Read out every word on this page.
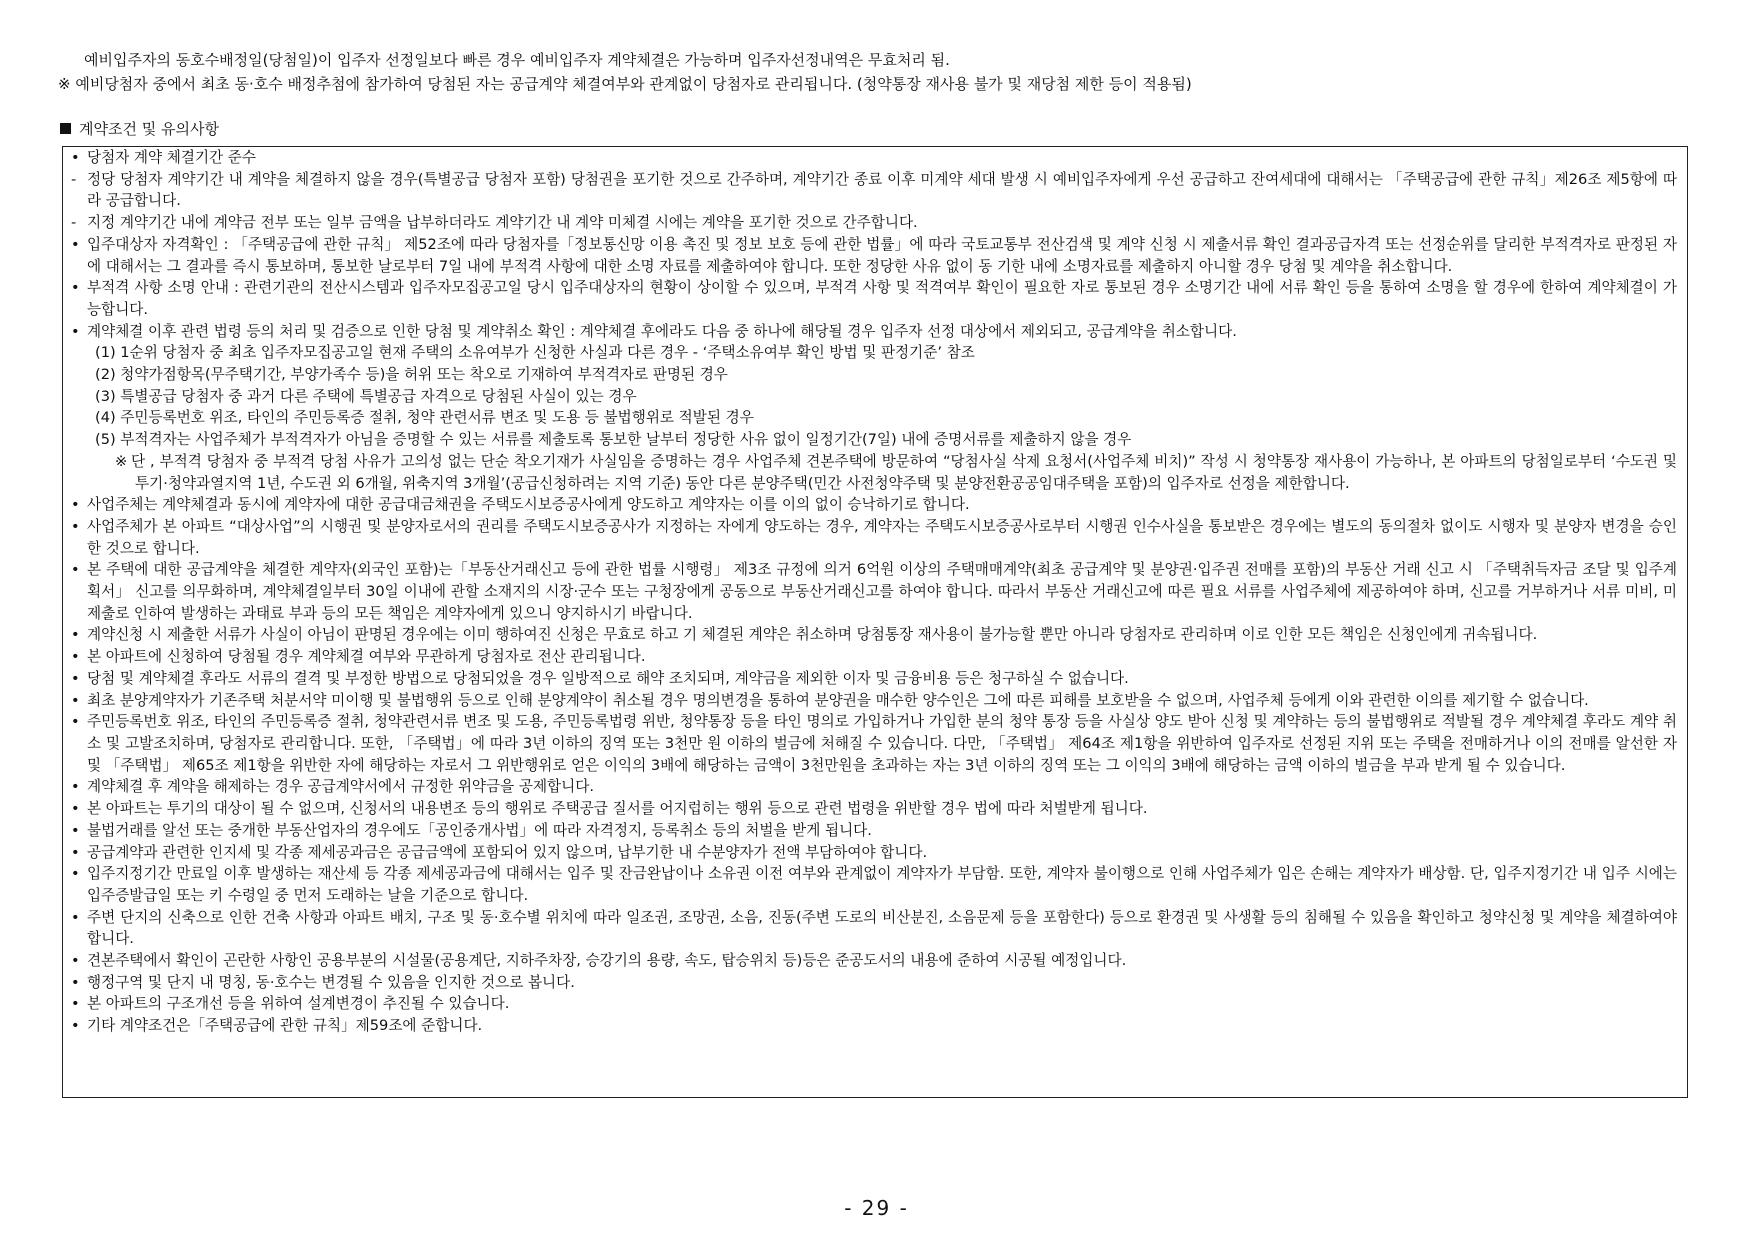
예비입주자의 동호수배정일(당첨일)이 입주자 선정일보다 빠른 경우 예비입주자 계약체결은 가능하며 입주자선정내역은 무효처리 됨.

※ 예비당첨자 중에서 최초 동·호수 배정추첨에 참가하여 당첨된 자는 공급계약 체결여부와 관계없이 당첨자로 관리됩니다. (청약통장 재사용 불가 및 재당첨 제한 등이 적용됨)

계약조건 및 유의사항

• 당첨자 계약 체결기간 준수

- 정당 당첨자 계약기간 내 계약을 체결하지 않을 경우(특별공급 당첨자 포함) 당첨권을 포기한 것으로 간주하며, 계약기간 종료 이후 미계약 세대 발생 시 예비입주자에게 우선 공급하고 잔여세대에 대해서는 「주택공급에 관한 규칙」제26조 제5항에 따라 공급합니다.

- 지정 계약기간 내에 계약금 전부 또는 일부 금액을 납부하더라도 계약기간 내 계약 미체결 시에는 계약을 포기한 것으로 간주합니다.

• 입주대상자 자격확인 : 「주택공급에 관한 규칙」 제52조에 따라 당첨자를「정보통신망 이용 촉진 및 정보 보호 등에 관한 법률」에 따라 국토교통부 전산검색 및 계약 신청 시 제출서류 확인 결과공급자격 또는 선정순위를 달리한 부적격자로 판정된 자에 대해서는 그 결과를 즉시 통보하며, 통보한 날로부터 7일 내에 부적격 사항에 대한 소명 자료를 제출하여야 합니다. 또한 정당한 사유 없이 동 기한 내에 소명자료를 제출하지 아니할 경우 당첨 및 계약을 취소합니다.

• 부적격 사항 소명 안내 : 관련기관의 전산시스템과 입주자모집공고일 당시 입주대상자의 현황이 상이할 수 있으며, 부적격 사항 및 적격여부 확인이 필요한 자로 통보된 경우 소명기간 내에 서류 확인 등을 통하여 소명을 할 경우에 한하여 계약체결이 가능합니다.

• 계약체결 이후 관련 법령 등의 처리 및 검증으로 인한 당첨 및 계약취소 확인 : 계약체결 후에라도 다음 중 하나에 해당될 경우 입주자 선정 대상에서 제외되고, 공급계약을 취소합니다.

(1) 1순위 당첨자 중 최초 입주자모집공고일 현재 주택의 소유여부가 신청한 사실과 다른 경우 - ‘주택소유여부 확인 방법 및 판정기준’ 참조

(2) 청약가점항목(무주택기간, 부양가족수 등)을 허위 또는 착오로 기재하여 부적격자로 판명된 경우

(3) 특별공급 당첨자 중 과거 다른 주택에 특별공급 자격으로 당첨된 사실이 있는 경우

(4) 주민등록번호 위조, 타인의 주민등록증 절취, 청약 관련서류 변조 및 도용 등 불법행위로 적발된 경우

(5) 부적격자는 사업주체가 부적격자가 아님을 증명할 수 있는 서류를 제출토록 통보한 날부터 정당한 사유 없이 일정기간(7일) 내에 증명서류를 제출하지 않을 경우

※ 단 , 부적격 당첨자 중 부적격 당첨 사유가 고의성 없는 단순 착오기재가 사실임을 증명하는 경우 사업주체 견본주택에 방문하여 “당첨사실 삭제 요청서(사업주체 비치)” 작성 시 청약통장 재사용이 가능하나, 본 아파트의 당첨일로부터 ‘수도권 및 투기·청약과열지역 1년, 수도권 외 6개월, 위축지역 3개월’(공급신청하려는 지역 기준) 동안 다른 분양주택(민간 사전청약주택 및 분양전환공공임대주택을 포함)의 입주자로 선정을 제한합니다.

• 사업주체는 계약체결과 동시에 계약자에 대한 공급대금채권을 주택도시보증공사에게 양도하고 계약자는 이를 이의 없이 승낙하기로 합니다.

• 사업주체가 본 아파트 “대상사업”의 시행권 및 분양자로서의 권리를 주택도시보증공사가 지정하는 자에게 양도하는 경우, 계약자는 주택도시보증공사로부터 시행권 인수사실을 통보받은 경우에는 별도의 동의절차 없이도 시행자 및 분양자 변경을 승인한 것으로 합니다.

• 본 주택에 대한 공급계약을 체결한 계약자(외국인 포함)는「부동산거래신고 등에 관한 법률 시행령」 제3조 규정에 의거 6억원 이상의 주택매매계약(최초 공급계약 및 분양권·입주권 전매를 포함)의 부동산 거래 신고 시 「주택취득자금 조달 및 입주계획서」 신고를 의무화하며, 계약체결일부터 30일 이내에 관할 소재지의 시장·군수 또는 구청장에게 공동으로 부동산거래신고를 하여야 합니다. 따라서 부동산 거래신고에 따른 필요 서류를 사업주체에 제공하여야 하며, 신고를 거부하거나 서류 미비, 미제출로 인하여 발생하는 과태료 부과 등의 모든 책임은 계약자에게 있으니 양지하시기 바랍니다.

• 계약신청 시 제출한 서류가 사실이 아님이 판명된 경우에는 이미 행하여진 신청은 무효로 하고 기 체결된 계약은 취소하며 당첨통장 재사용이 불가능할 뿐만 아니라 당첨자로 관리하며 이로 인한 모든 책임은 신청인에게 귀속됩니다.

• 본 아파트에 신청하여 당첨될 경우 계약체결 여부와 무관하게 당첨자로 전산 관리됩니다.

• 당첨 및 계약체결 후라도 서류의 결격 및 부정한 방법으로 당첨되었을 경우 일방적으로 해약 조치되며, 계약금을 제외한 이자 및 금융비용 등은 청구하실 수 없습니다.

• 최초 분양계약자가 기존주택 처분서약 미이행 및 불법행위 등으로 인해 분양계약이 취소될 경우 명의변경을 통하여 분양권을 매수한 양수인은 그에 따른 피해를 보호받을 수 없으며, 사업주체 등에게 이와 관련한 이의를 제기할 수 없습니다.

• 주민등록번호 위조, 타인의 주민등록증 절취, 청약관련서류 변조 및 도용, 주민등록법령 위반, 청약통장 등을 타인 명의로 가입하거나 가입한 분의 청약 통장 등을 사실상 양도 받아 신청 및 계약하는 등의 불법행위로 적발될 경우 계약체결 후라도 계약 취소 및 고발조치하며, 당첨자로 관리합니다. 또한, 「주택법」에 따라 3년 이하의 징역 또는 3천만 원 이하의 벌금에 처해질 수 있습니다. 다만, 「주택법」 제64조 제1항을 위반하여 입주자로 선정된 지위 또는 주택을 전매하거나 이의 전매를 알선한 자 및 「주택법」 제65조 제1항을 위반한 자에 해당하는 자로서 그 위반행위로 얻은 이익의 3배에 해당하는 금액이 3천만원을 초과하는 자는 3년 이하의 징역 또는 그 이익의 3배에 해당하는 금액 이하의 벌금을 부과 받게 될 수 있습니다.

• 계약체결 후 계약을 해제하는 경우 공급계약서에서 규정한 위약금을 공제합니다.

• 본 아파트는 투기의 대상이 될 수 없으며, 신청서의 내용변조 등의 행위로 주택공급 질서를 어지럽히는 행위 등으로 관련 법령을 위반할 경우 법에 따라 처벌받게 됩니다.

• 불법거래를 알선 또는 중개한 부동산업자의 경우에도「공인중개사법」에 따라 자격정지, 등록취소 등의 처벌을 받게 됩니다.

• 공급계약과 관련한 인지세 및 각종 제세공과금은 공급금액에 포함되어 있지 않으며, 납부기한 내 수분양자가 전액 부담하여야 합니다.

• 입주지정기간 만료일 이후 발생하는 재산세 등 각종 제세공과금에 대해서는 입주 및 잔금완납이나 소유권 이전 여부와 관계없이 계약자가 부담함. 또한, 계약자 불이행으로 인해 사업주체가 입은 손해는 계약자가 배상함. 단, 입주지정기간 내 입주 시에는 입주증발급일 또는 키 수령일 중 먼저 도래하는 날을 기준으로 합니다.

• 주변 단지의 신축으로 인한 건축 사항과 아파트 배치, 구조 및 동·호수별 위치에 따라 일조권, 조망권, 소음, 진동(주변 도로의 비산분진, 소음문제 등을 포함한다) 등으로 환경권 및 사생활 등의 침해될 수 있음을 확인하고 청약신청 및 계약을 체결하여야 합니다.

• 견본주택에서 확인이 곤란한 사항인 공용부분의 시설물(공용계단, 지하주차장, 승강기의 용량, 속도, 탑승위치 등)등은 준공도서의 내용에 준하여 시공될 예정입니다.

• 행정구역 및 단지 내 명칭, 동·호수는 변경될 수 있음을 인지한 것으로 봅니다.

• 본 아파트의 구조개선 등을 위하여 설계변경이 추진될 수 있습니다.

• 기타 계약조건은「주택공급에 관한 규칙」제59조에 준합니다.

- 29 -
